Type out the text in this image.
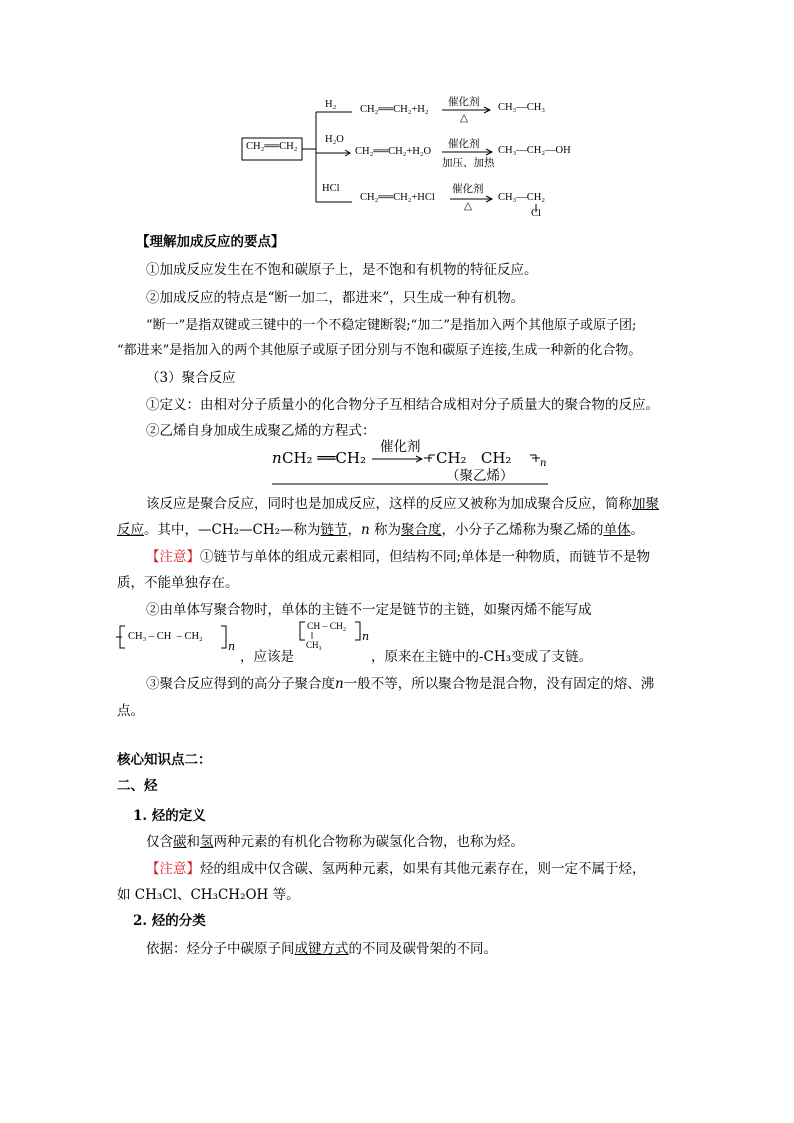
CH₂══CH₂
H₂ CH₂══CH₂+H₂
催化剂
△
CH₃—CH₃
H₂O
CH₂══CH₂+H₂O
催化剂
加压、加热
CH₃—CH₂—OH
HCl
CH₂══CH₂+HCl
催化剂
△
CH₃—CH₂
Cl
【理解加成反应的要点】
①加成反应发生在不饱和碳原子上，是不饱和有机物的特征反应。
②加成反应的特点是“断一加二，都进来”，只生成一种有机物。
“断一”是指双键或三键中的一个不稳定键断裂;“加二”是指加入两个其他原子或原子团;
“都进来”是指加入的两个其他原子或原子团分别与不饱和碳原子连接,生成一种新的化合物。
（3）聚合反应
①定义：由相对分子质量小的化合物分子互相结合成相对分子质量大的聚合物的反应。
②乙烯自身加成生成聚乙烯的方程式：
n CH₂ ══CH₂
催化剂
CH₂   CH₂	n
（聚乙烯）
该反应是聚合反应，同时也是加成反应，这样的反应又被称为加成聚合反应，简称加聚
反应。其中，—CH₂—CH₂—称为链节，n 称为聚合度，小分子乙烯称为聚乙烯的单体。
【注意】①链节与单体的组成元素相同，但结构不同;单体是一种物质，而链节不是物
质，不能单独存在。
②由单体写聚合物时，单体的主链不一定是链节的主链，如聚丙烯不能写成
CH₃ – CH  – CH₂
n
，应该是
CH – CH₂
CH₃
n
，原来在主链中的-CH₃变成了支链。
③聚合反应得到的高分子聚合度n一般不等，所以聚合物是混合物，没有固定的熔、沸
点。
核心知识点二：
二、烃
1. 烃的定义
仅含碳和氢两种元素的有机化合物称为碳氢化合物，也称为烃。
【注意】烃的组成中仅含碳、氢两种元素，如果有其他元素存在，则一定不属于烃，
如 CH₃Cl、CH₃CH₂OH 等。
2. 烃的分类
依据：烃分子中碳原子间成键方式的不同及碳骨架的不同。
